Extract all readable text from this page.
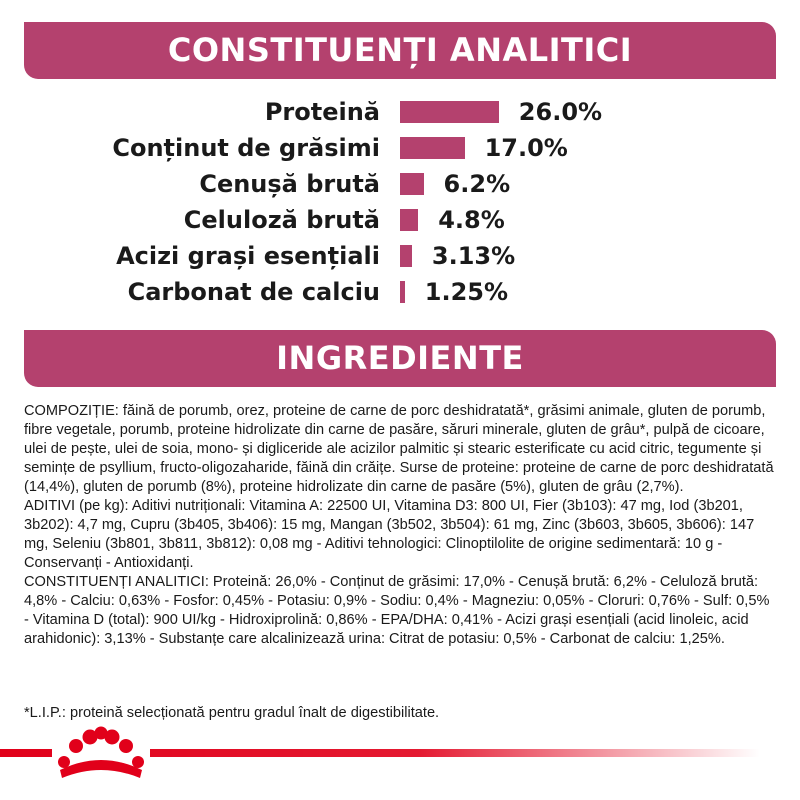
CONSTITUENȚI ANALITICI
Proteină	26.0%
Conținut de grăsimi	17.0%
Cenușă brută	6.2%
Celuloză brută 4.8%
Acizi grași esențiali 3.13%
Carbonat de calciu 1.25%
INGREDIENTE

COMPOZIȚIE: făină de porumb, orez, proteine de carne de porc deshidratată*, grăsimi animale, gluten de porumb, fibre vegetale, porumb, proteine hidrolizate din carne de pasăre, săruri minerale, gluten de grâu*, pulpă de cicoare, ulei de pește, ulei de soia, mono- și digliceride ale acizilor palmitic și stearic esterificate cu acid citric, tegumente și semințe de psyllium, fructo-oligozaharide, făină din crăițe. Surse de proteine: proteine de carne de porc deshidratată (14,4%), gluten de porumb (8%), proteine hidrolizate din carne de pasăre (5%), gluten de grâu (2,7%).

ADITIVI (pe kg): Aditivi nutriționali: Vitamina A: 22500 UI, Vitamina D3: 800 UI, Fier (3b103): 47 mg, Iod (3b201, 3b202): 4,7 mg, Cupru (3b405, 3b406): 15 mg, Mangan (3b502, 3b504): 61 mg, Zinc (3b603, 3b605, 3b606): 147 mg, Seleniu (3b801, 3b811, 3b812): 0,08 mg - Aditivi tehnologici: Clinoptilolite de origine sedimentară: 10 g - Conservanți - Antioxidanți.

CONSTITUENȚI ANALITICI: Proteină: 26,0% - Conținut de grăsimi: 17,0% - Cenușă brută: 6,2% - Celuloză brută: 4,8% - Calciu: 0,63% - Fosfor: 0,45% - Potasiu: 0,9% - Sodiu: 0,4% - Magneziu: 0,05% - Cloruri: 0,76% - Sulf: 0,5% - Vitamina D (total): 900 UI/kg - Hidroxiprolină: 0,86% - EPA/DHA: 0,41% - Acizi grași esențiali (acid linoleic, acid arahidonic): 3,13% - Substanțe care alcalinizează urina: Citrat de potasiu: 0,5% - Carbonat de calciu: 1,25%.

*L.I.P.: proteină selecționată pentru gradul înalt de digestibilitate.
